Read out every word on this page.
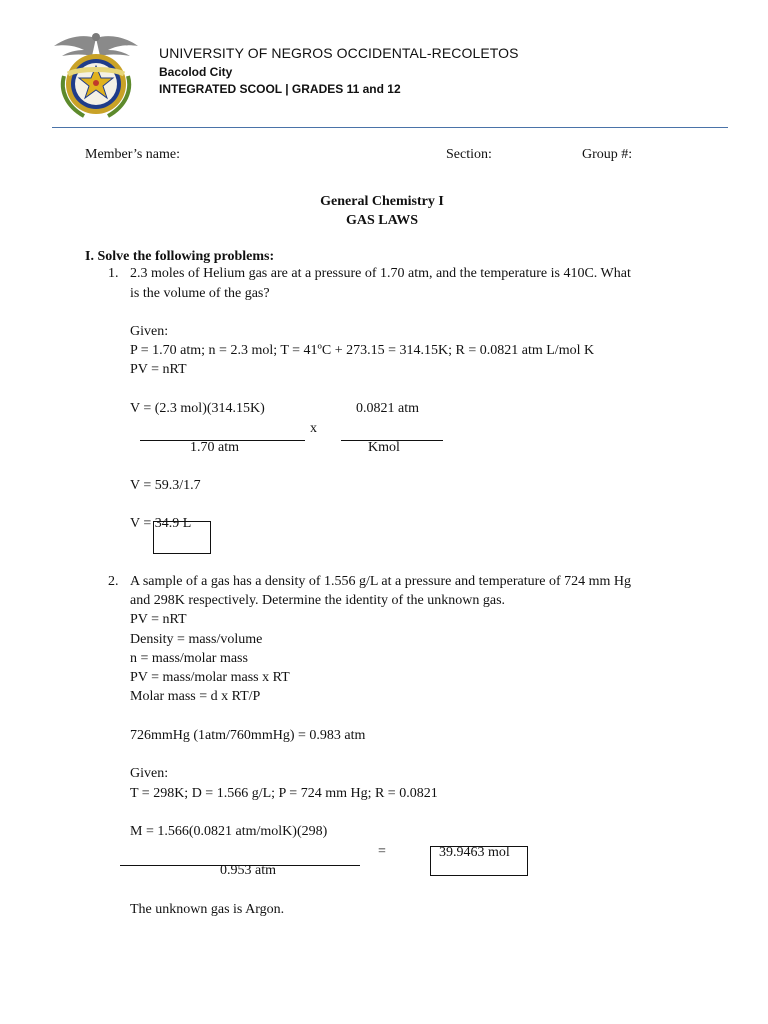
UNIVERSITY OF NEGROS OCCIDENTAL-RECOLETOS
Bacolod City
INTEGRATED SCOOL | GRADES 11 and 12
Member’s name:	Section:	Group #:
General Chemistry I
GAS LAWS
I. Solve the following problems:
1. 2.3 moles of Helium gas are at a pressure of 1.70 atm, and the temperature is 410C. What
is the volume of the gas?
Given:
P = 1.70 atm; n = 2.3 mol; T = 41ºC + 273.15 = 314.15K; R = 0.0821 atm L/mol K
PV = nRT
V = (2.3 mol)(314.15K)
1.70 atm
x
0.0821 atm
Kmol
V = 59.3/1.7
V = 34.9 L
2. A sample of a gas has a density of 1.556 g/L at a pressure and temperature of 724 mm Hg
and 298K respectively. Determine the identity of the unknown gas.
PV = nRT
Density = mass/volume
n = mass/molar mass
PV = mass/molar mass x RT
Molar mass = d x RT/P
726mmHg (1atm/760mmHg) = 0.983 atm
Given:
T = 298K; D = 1.566 g/L; P = 724 mm Hg; R = 0.0821
M = 1.566(0.0821 atm/molK)(298)
0.953 atm
=	39.9463 mol
The unknown gas is Argon.
